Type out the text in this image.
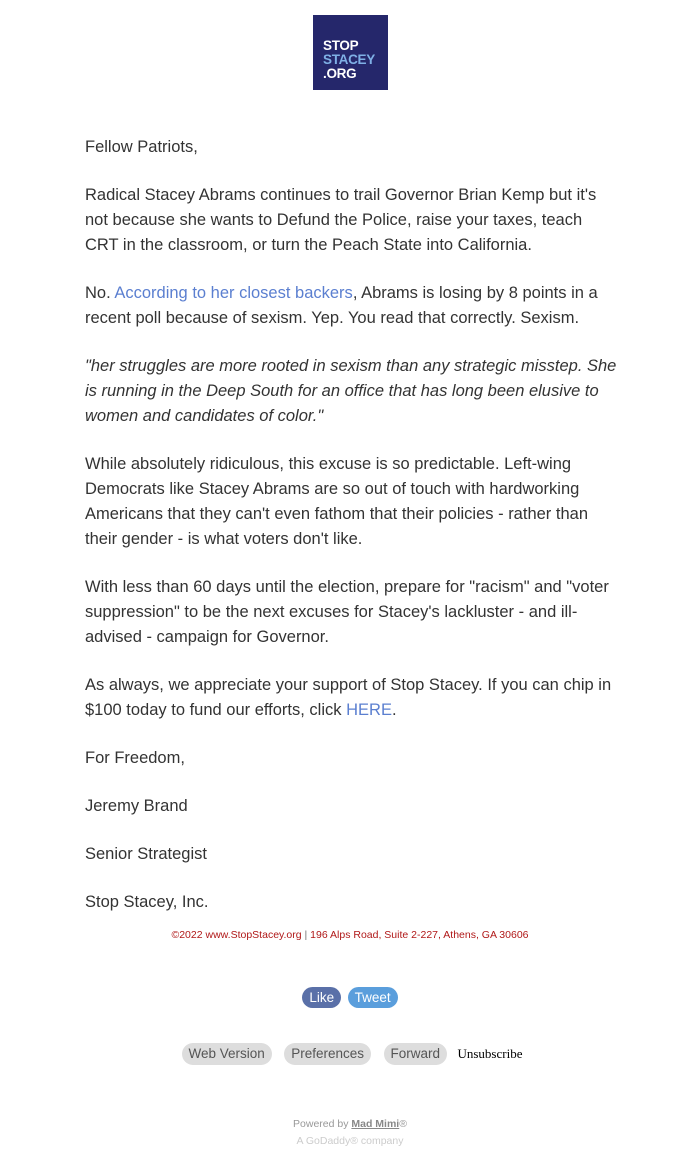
STOP
STACEY
.ORG

Fellow Patriots,

Radical Stacey Abrams continues to trail Governor Brian Kemp but it's not because she wants to Defund the Police, raise your taxes, teach CRT in the classroom, or turn the Peach State into California.

No. According to her closest backers, Abrams is losing by 8 points in a recent poll because of sexism. Yep. You read that correctly. Sexism.

"her struggles are more rooted in sexism than any strategic misstep. She is running in the Deep South for an office that has long been elusive to women and candidates of color."

While absolutely ridiculous, this excuse is so predictable. Left-wing Democrats like Stacey Abrams are so out of touch with hardworking Americans that they can't even fathom that their policies - rather than their gender - is what voters don't like.

With less than 60 days until the election, prepare for "racism" and "voter suppression" to be the next excuses for Stacey's lackluster - and ill-advised - campaign for Governor.

As always, we appreciate your support of Stop Stacey. If you can chip in $100 today to fund our efforts, click HERE.

For Freedom,

Jeremy Brand

Senior Strategist

Stop Stacey, Inc.

©2022 www.StopStacey.org | 196 Alps Road, Suite 2-227, Athens, GA 30606
Like Tweet
Web Version Preferences Forward Unsubscribe
Powered by Mad Mimi®
A GoDaddy® company
